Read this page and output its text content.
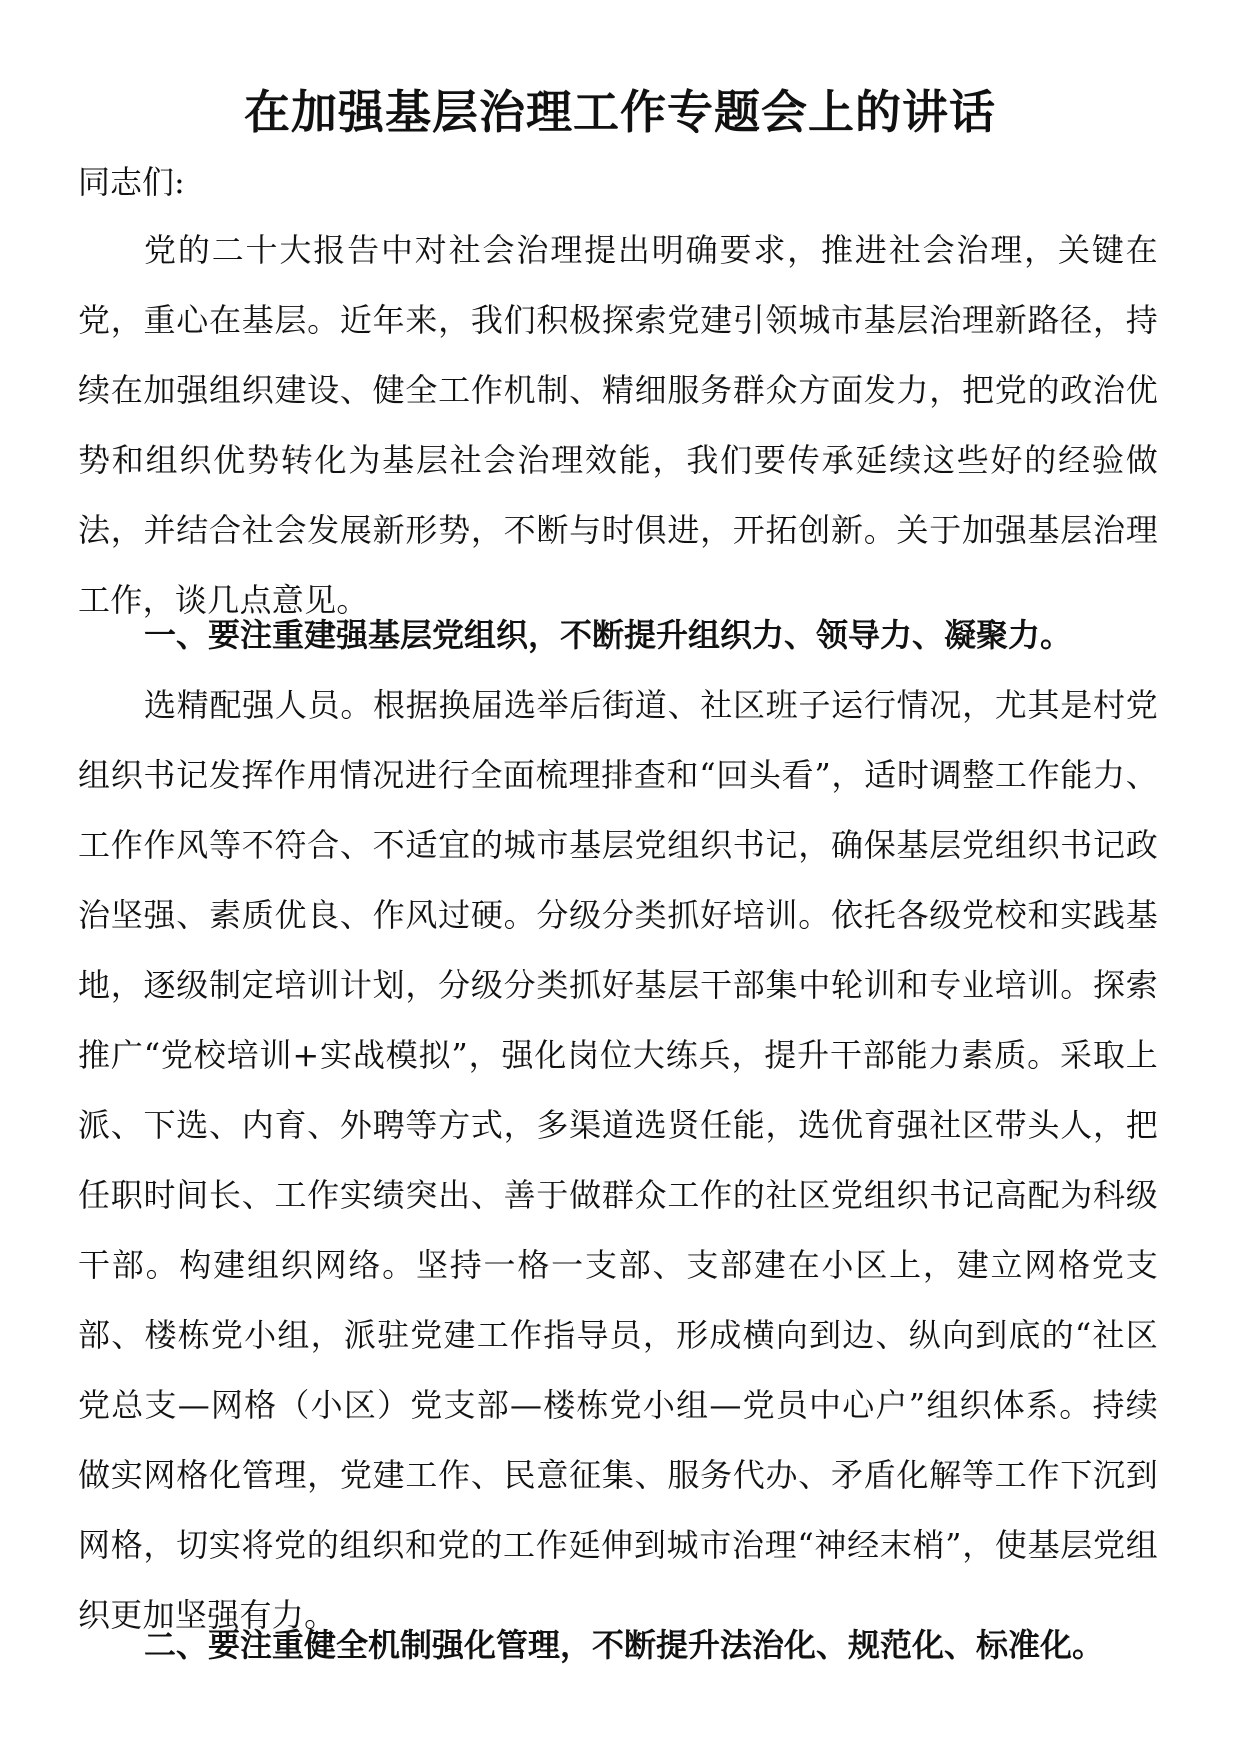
在加强基层治理工作专题会上的讲话

同志们:

党的二十大报告中对社会治理提出明确要求，推进社会治理，关键在党，重心在基层。近年来，我们积极探索党建引领城市基层治理新路径，持续在加强组织建设、健全工作机制、精细服务群众方面发力，把党的政治优势和组织优势转化为基层社会治理效能，我们要传承延续这些好的经验做法，并结合社会发展新形势，不断与时俱进，开拓创新。关于加强基层治理工作，谈几点意见。

一、要注重建强基层党组织，不断提升组织力、领导力、凝聚力。

选精配强人员。根据换届选举后街道、社区班子运行情况，尤其是村党组织书记发挥作用情况进行全面梳理排查和“回头看”，适时调整工作能力、工作作风等不符合、不适宜的城市基层党组织书记，确保基层党组织书记政治坚强、素质优良、作风过硬。分级分类抓好培训。依托各级党校和实践基地，逐级制定培训计划，分级分类抓好基层干部集中轮训和专业培训。探索推广“党校培训+实战模拟”，强化岗位大练兵，提升干部能力素质。采取上派、下选、内育、外聘等方式，多渠道选贤任能，选优育强社区带头人，把任职时间长、工作实绩突出、善于做群众工作的社区党组织书记高配为科级干部。构建组织网络。坚持一格一支部、支部建在小区上，建立网格党支部、楼栋党小组，派驻党建工作指导员，形成横向到边、纵向到底的“社区党总支—网格（小区）党支部—楼栋党小组—党员中心户”组织体系。持续做实网格化管理，党建工作、民意征集、服务代办、矛盾化解等工作下沉到网格，切实将党的组织和党的工作延伸到城市治理“神经末梢”，使基层党组织更加坚强有力。

二、要注重健全机制强化管理，不断提升法治化、规范化、标准化。
